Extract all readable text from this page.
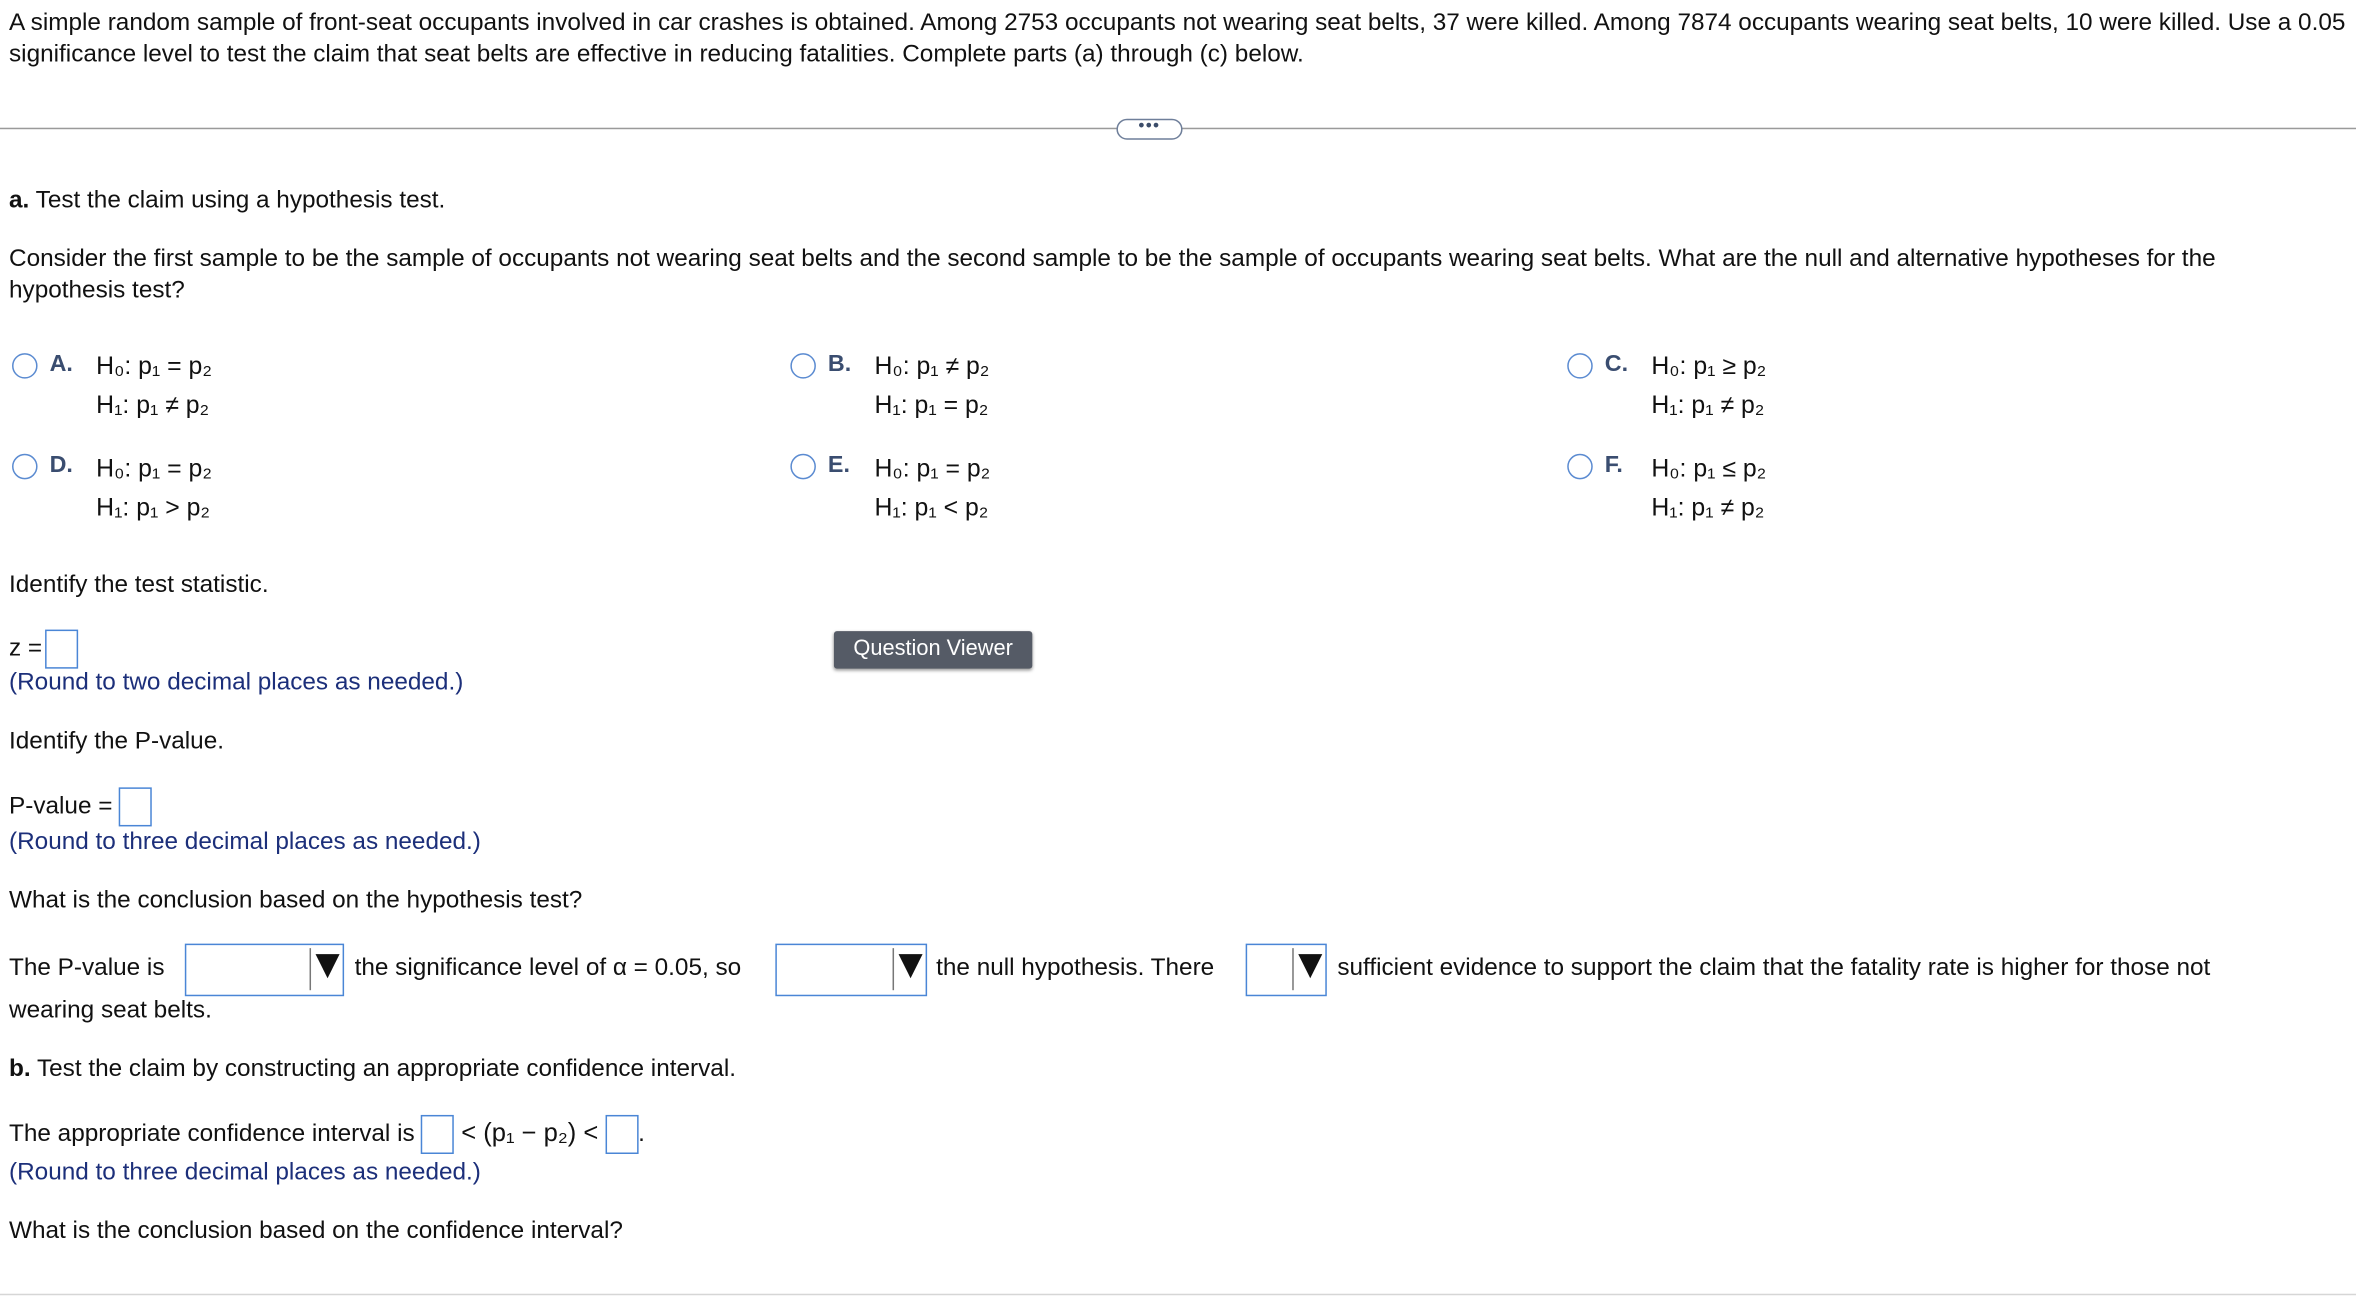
A simple random sample of front-seat occupants involved in car crashes is obtained. Among 2753 occupants not wearing seat belts, 37 were killed. Among 7874 occupants wearing seat belts, 10 were killed. Use a 0.05 significance level to test the claim that seat belts are effective in reducing fatalities. Complete parts (a) through (c) below.
•••
a. Test the claim using a hypothesis test.
Consider the first sample to be the sample of occupants not wearing seat belts and the second sample to be the sample of occupants wearing seat belts. What are the null and alternative hypotheses for the hypothesis test?
A. H₀: p₁ = p₂
H₁: p₁ ≠ p₂
B. H₀: p₁ ≠ p₂
H₁: p₁ = p₂
C. H₀: p₁ ≥ p₂
H₁: p₁ ≠ p₂
D. H₀: p₁ = p₂
H₁: p₁ > p₂
E. H₀: p₁ = p₂
H₁: p₁ < p₂
F. H₀: p₁ ≤ p₂
H₁: p₁ ≠ p₂
Identify the test statistic.
z =
(Round to two decimal places as needed.)
Question Viewer
Identify the P-value.
P-value =
(Round to three decimal places as needed.)
What is the conclusion based on the hypothesis test?
The P-value is	the significance level of α = 0.05, so	the null hypothesis. There	sufficient evidence to support the claim that the fatality rate is higher for those not
wearing seat belts.
b. Test the claim by constructing an appropriate confidence interval.
The appropriate confidence interval is	< (p₁ − p₂) < .
(Round to three decimal places as needed.)
What is the conclusion based on the confidence interval?
